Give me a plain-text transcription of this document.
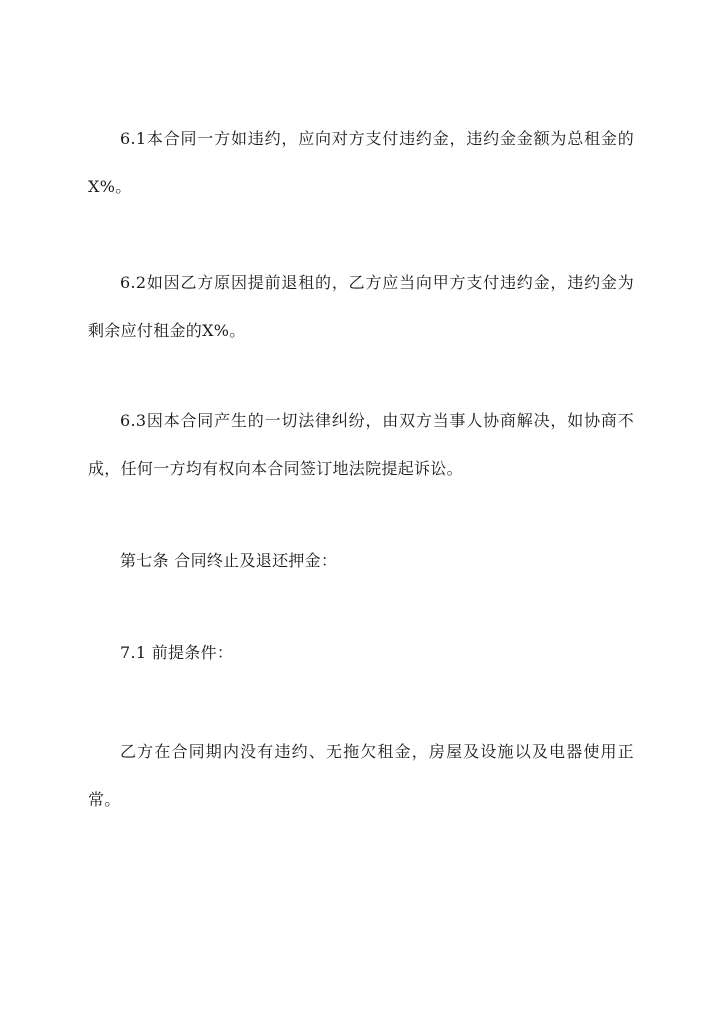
6.1本合同一方如违约，应向对方支付违约金，违约金金额为总租金的X%。

6.2如因乙方原因提前退租的，乙方应当向甲方支付违约金，违约金为剩余应付租金的X%。

6.3因本合同产生的一切法律纠纷，由双方当事人协商解决，如协商不成，任何一方均有权向本合同签订地法院提起诉讼。

第七条 合同终止及退还押金：

7.1 前提条件：

乙方在合同期内没有违约、无拖欠租金，房屋及设施以及电器使用正常。
